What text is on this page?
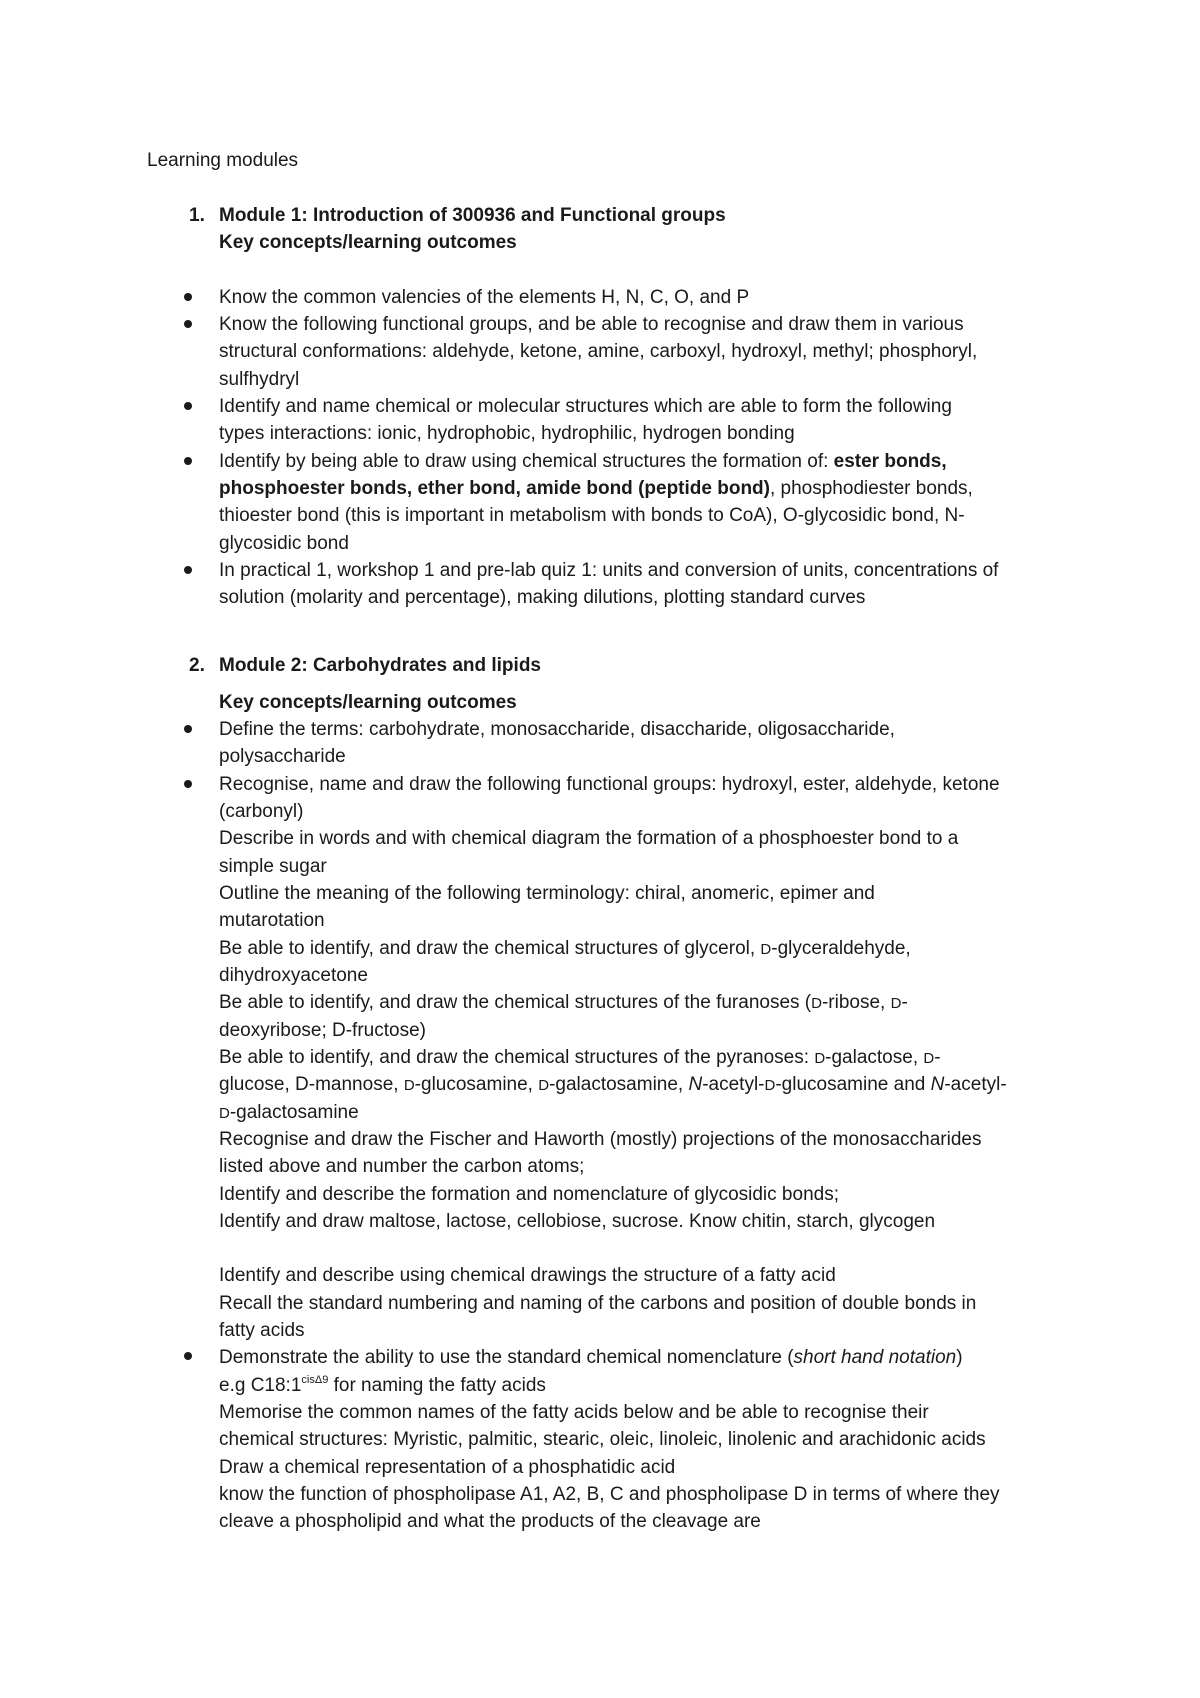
Learning modules
1. Module 1: Introduction of 300936 and Functional groups
Key concepts/learning outcomes
Know the common valencies of the elements H, N, C, O, and P
Know the following functional groups, and be able to recognise and draw them in various
structural conformations: aldehyde, ketone, amine, carboxyl, hydroxyl, methyl; phosphoryl,
sulfhydryl
Identify and name chemical or molecular structures which are able to form the following
types interactions: ionic, hydrophobic, hydrophilic, hydrogen bonding
Identify by being able to draw using chemical structures the formation of: ester bonds,
phosphoester bonds, ether bond, amide bond (peptide bond), phosphodiester bonds,
thioester bond (this is important in metabolism with bonds to CoA), O-glycosidic bond, N-
glycosidic bond
In practical 1, workshop 1 and pre-lab quiz 1: units and conversion of units, concentrations of
solution (molarity and percentage), making dilutions, plotting standard curves
2. Module 2: Carbohydrates and lipids
Key concepts/learning outcomes
Define the terms: carbohydrate, monosaccharide, disaccharide, oligosaccharide,
polysaccharide
Recognise, name and draw the following functional groups: hydroxyl, ester, aldehyde, ketone
(carbonyl)
Describe in words and with chemical diagram the formation of a phosphoester bond to a
simple sugar
Outline the meaning of the following terminology: chiral, anomeric, epimer and
mutarotation
Be able to identify, and draw the chemical structures of glycerol, D-glyceraldehyde,
dihydroxyacetone
Be able to identify, and draw the chemical structures of the furanoses (D-ribose, D-
deoxyribose; D-fructose)
Be able to identify, and draw the chemical structures of the pyranoses: D-galactose, D-
glucose, D-mannose, D-glucosamine, D-galactosamine, N-acetyl-D-glucosamine and N-acetyl-
D-galactosamine
Recognise and draw the Fischer and Haworth (mostly) projections of the monosaccharides
listed above and number the carbon atoms;
Identify and describe the formation and nomenclature of glycosidic bonds;
Identify and draw maltose, lactose, cellobiose, sucrose. Know chitin, starch, glycogen
Identify and describe using chemical drawings the structure of a fatty acid
Recall the standard numbering and naming of the carbons and position of double bonds in
fatty acids
Demonstrate the ability to use the standard chemical nomenclature (short hand notation)
e.g $C18:1^{cis\Delta 9}$ for naming the fatty acids
Memorise the common names of the fatty acids below and be able to recognise their
chemical structures: Myristic, palmitic, stearic, oleic, linoleic, linolenic and arachidonic acids
Draw a chemical representation of a phosphatidic acid
know the function of phospholipase A1, A2, B, C and phospholipase D in terms of where they
cleave a phospholipid and what the products of the cleavage are
